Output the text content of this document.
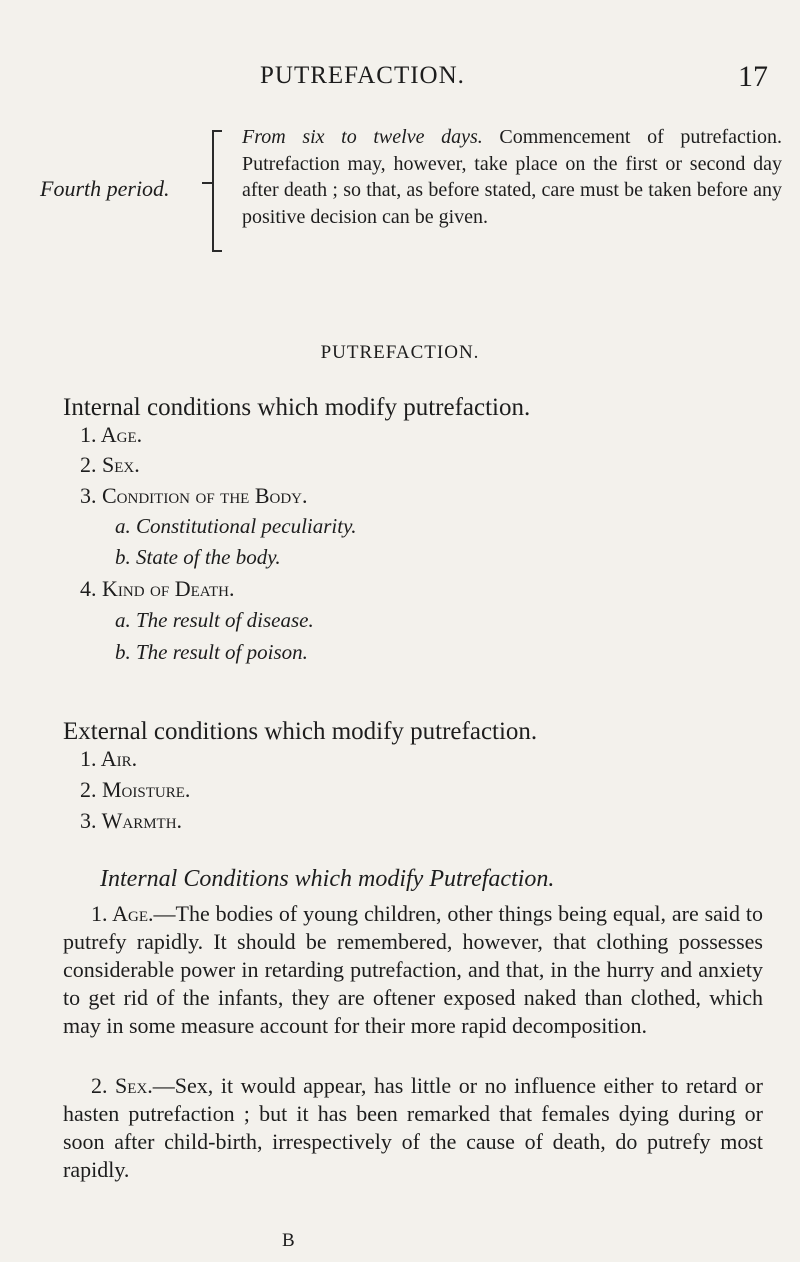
PUTREFACTION.	17
Fourth period.
From six to twelve days. Commencement of putrefaction. Putrefaction may, however, take place on the first or second day after death ; so that, as before stated, care must be taken before any positive decision can be given.
PUTREFACTION.
Internal conditions which modify putrefaction.
1. Age.
2. Sex.
3. Condition of the Body.
a. Constitutional peculiarity.
b. State of the body.
4. Kind of Death.
a. The result of disease.
b. The result of poison.
External conditions which modify putrefaction.
1. Air.
2. Moisture.
3. Warmth.
Internal Conditions which modify Putrefaction.
1. Age.—The bodies of young children, other things being equal, are said to putrefy rapidly. It should be remembered, however, that clothing possesses considerable power in retarding putrefaction, and that, in the hurry and anxiety to get rid of the infants, they are oftener exposed naked than clothed, which may in some measure account for their more rapid decomposition.
2. Sex.—Sex, it would appear, has little or no influence either to retard or hasten putrefaction ; but it has been remarked that females dying during or soon after child-birth, irrespectively of the cause of death, do putrefy most rapidly.
B
